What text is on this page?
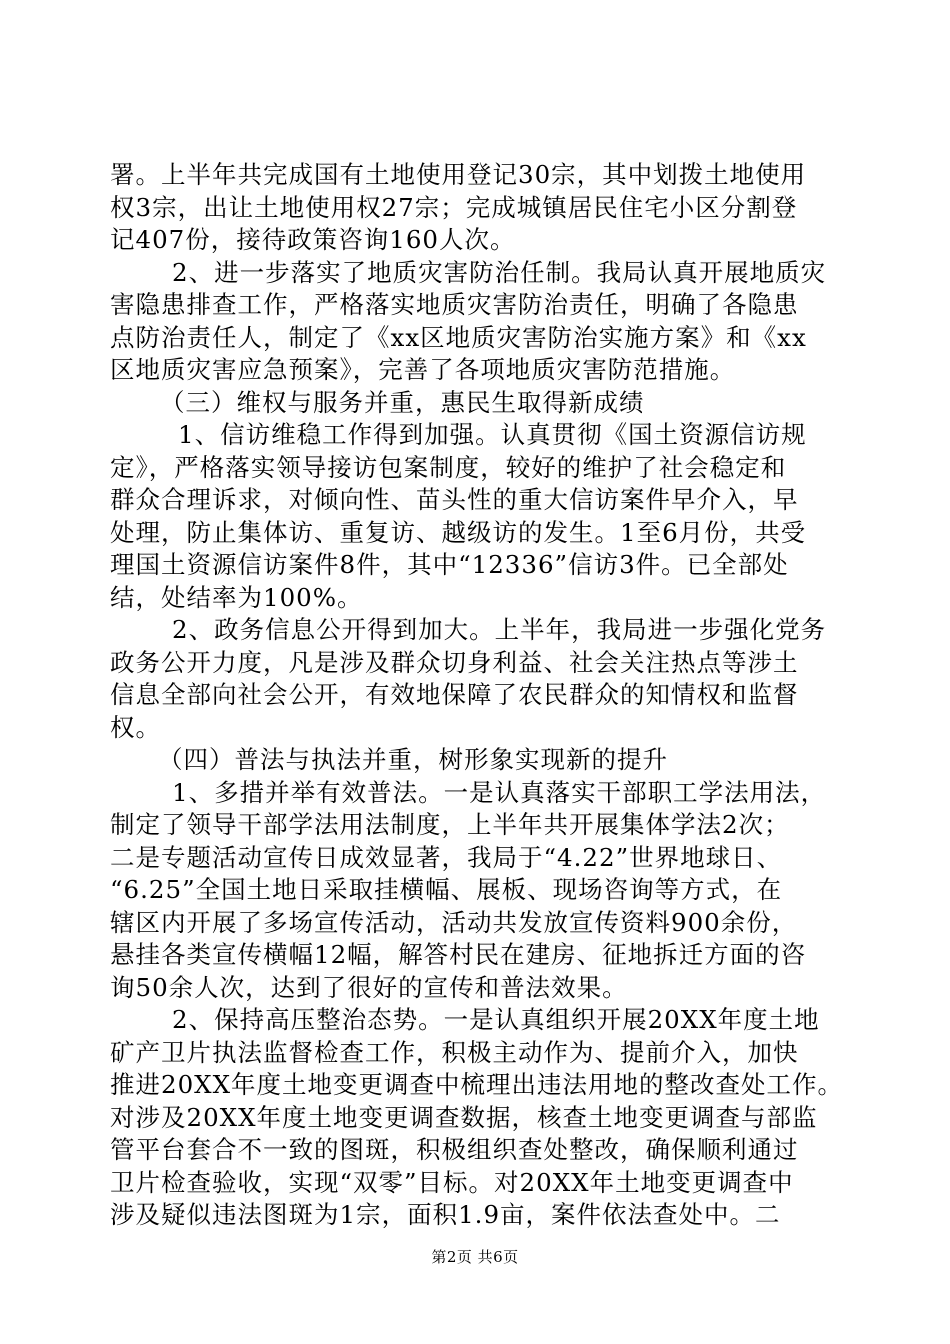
署。上半年共完成国有土地使用登记30宗，其中划拨土地使用
权3宗，出让土地使用权27宗；完成城镇居民住宅小区分割登
记407份，接待政策咨询160人次。
2、进一步落实了地质灾害防治任制。我局认真开展地质灾
害隐患排查工作，严格落实地质灾害防治责任，明确了各隐患
点防治责任人，制定了《xx区地质灾害防治实施方案》和《xx
区地质灾害应急预案》，完善了各项地质灾害防范措施。
（三）维权与服务并重，惠民生取得新成绩
1、信访维稳工作得到加强。认真贯彻《国土资源信访规
定》，严格落实领导接访包案制度，较好的维护了社会稳定和
群众合理诉求，对倾向性、苗头性的重大信访案件早介入，早
处理，防止集体访、重复访、越级访的发生。1至6月份，共受
理国土资源信访案件8件，其中“12336”信访3件。已全部处
结，处结率为100%。
2、政务信息公开得到加大。上半年，我局进一步强化党务
政务公开力度，凡是涉及群众切身利益、社会关注热点等涉土
信息全部向社会公开，有效地保障了农民群众的知情权和监督
权。
（四）普法与执法并重，树形象实现新的提升
1、多措并举有效普法。一是认真落实干部职工学法用法，
制定了领导干部学法用法制度，上半年共开展集体学法2次；
二是专题活动宣传日成效显著，我局于“4.22”世界地球日、
“6.25”全国土地日采取挂横幅、展板、现场咨询等方式，在
辖区内开展了多场宣传活动，活动共发放宣传资料900余份，
悬挂各类宣传横幅12幅，解答村民在建房、征地拆迁方面的咨
询50余人次，达到了很好的宣传和普法效果。
2、保持高压整治态势。一是认真组织开展20XX年度土地
矿产卫片执法监督检查工作，积极主动作为、提前介入，加快
推进20XX年度土地变更调查中梳理出违法用地的整改查处工作。
对涉及20XX年度土地变更调查数据，核查土地变更调查与部监
管平台套合不一致的图斑，积极组织查处整改，确保顺利通过
卫片检查验收，实现“双零”目标。对20XX年土地变更调查中
涉及疑似违法图斑为1宗，面积1.9亩，案件依法查处中。二
第2页 共6页
